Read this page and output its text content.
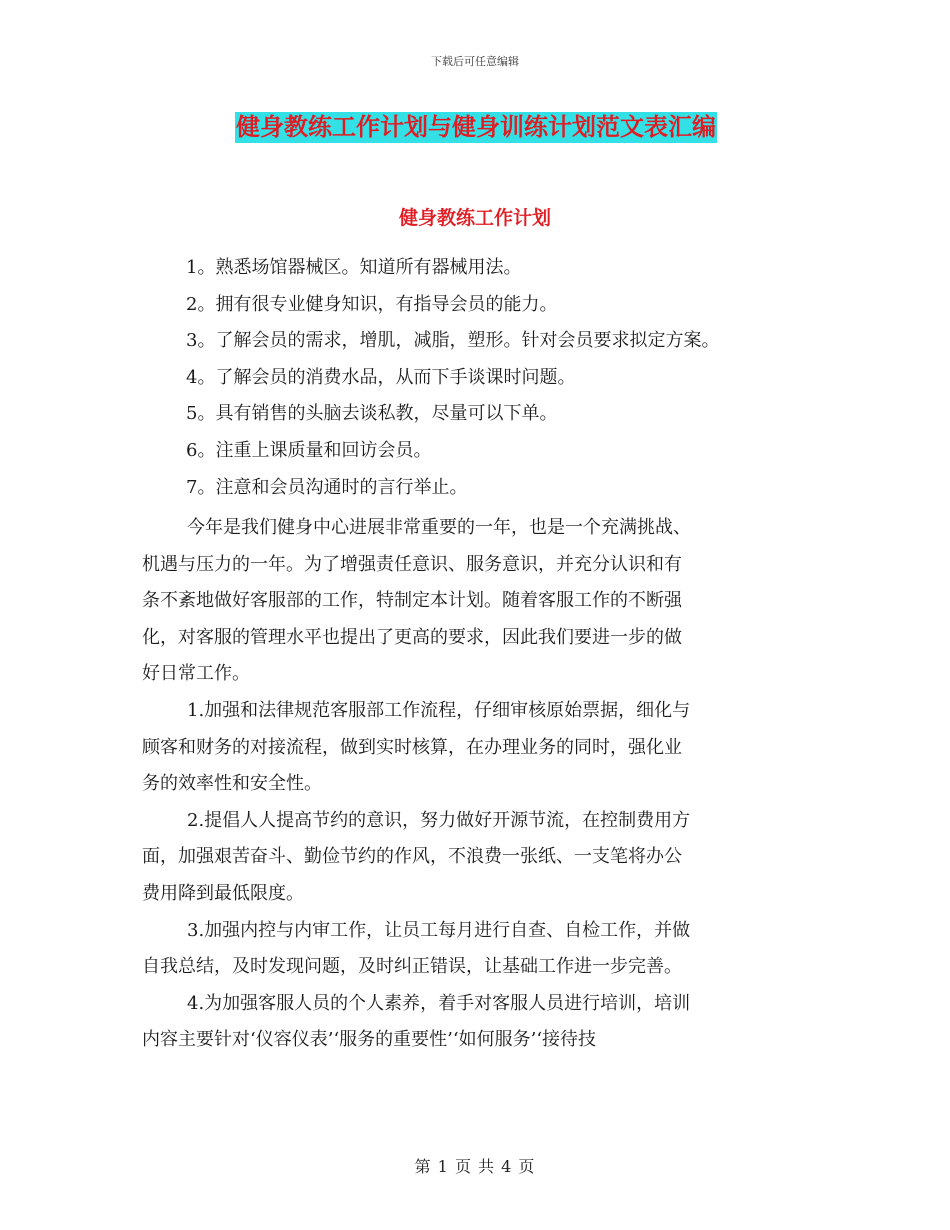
下载后可任意编辑
健身教练工作计划与健身训练计划范文表汇编
健身教练工作计划
1。熟悉场馆器械区。知道所有器械用法。
2。拥有很专业健身知识，有指导会员的能力。
3。了解会员的需求，增肌，减脂，塑形。针对会员要求拟定方案。
4。了解会员的消费水品，从而下手谈课时问题。
5。具有销售的头脑去谈私教，尽量可以下单。
6。注重上课质量和回访会员。
7。注意和会员沟通时的言行举止。
今年是我们健身中心进展非常重要的一年，也是一个充满挑战、
机遇与压力的一年。为了增强责任意识、服务意识，并充分认识和有
条不紊地做好客服部的工作，特制定本计划。随着客服工作的不断强
化，对客服的管理水平也提出了更高的要求，因此我们要进一步的做
好日常工作。
1.加强和法律规范客服部工作流程，仔细审核原始票据，细化与
顾客和财务的对接流程，做到实时核算，在办理业务的同时，强化业
务的效率性和安全性。
2.提倡人人提高节约的意识，努力做好开源节流，在控制费用方
面，加强艰苦奋斗、勤俭节约的作风，不浪费一张纸、一支笔将办公
费用降到最低限度。
3.加强内控与内审工作，让员工每月进行自查、自检工作，并做
自我总结，及时发现问题，及时纠正错误，让基础工作进一步完善。
4.为加强客服人员的个人素养，着手对客服人员进行培训，培训
内容主要针对‘仪容仪表’‘服务的重要性’‘如何服务’‘接待技
第 1 页 共 4 页
